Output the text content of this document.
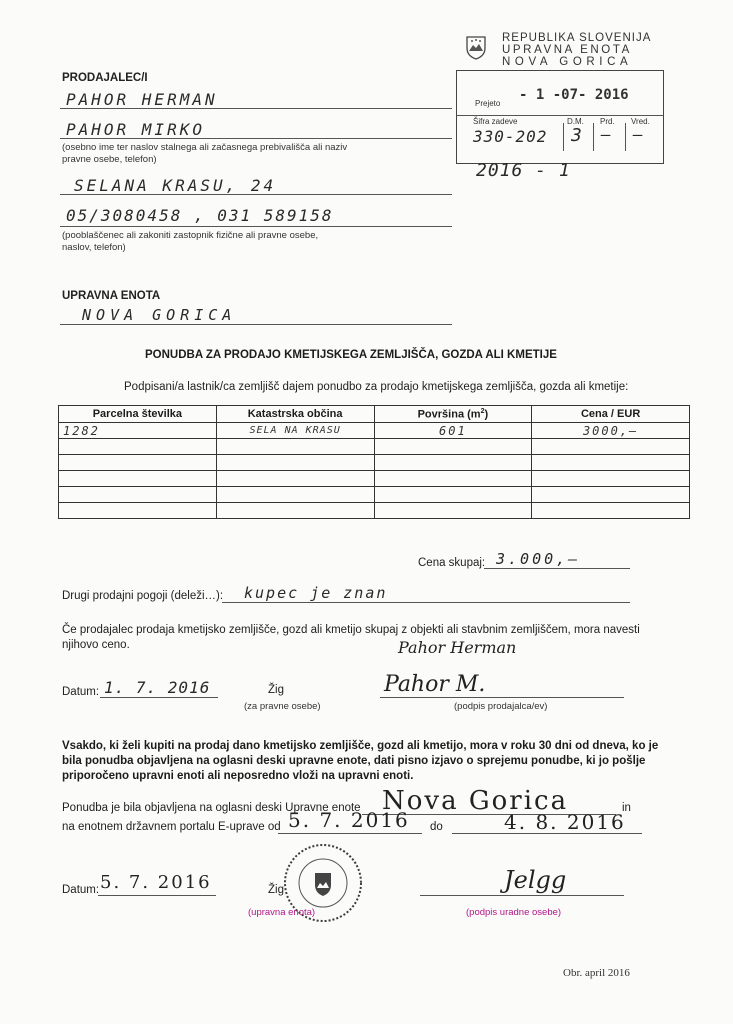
REPUBLIKA SLOVENIJA
UPRAVNA ENOTA
NOVA GORICA
Prejeto
- 1 -07- 2016
Šifra zadeve	D.M. Prd. Vred.
330-202 3 — —
2016 - 1
PRODAJALEC/I
PAHOR HERMAN
PAHOR MIRKO
(osebno ime ter naslov stalnega ali začasnega prebivališča ali naziv pravne osebe, telefon)
SELANA KRASU, 24
05/3080458 , 031 589158
(pooblaščenec ali zakoniti zastopnik fizične ali pravne osebe, naslov, telefon)
UPRAVNA ENOTA
NOVA GORICA
PONUDBA ZA PRODAJO KMETIJSKEGA ZEMLJIŠČA, GOZDA ALI KMETIJE
Podpisani/a lastnik/ca zemljišč dajem ponudbo za prodajo kmetijskega zemljišča, gozda ali kmetije:
Parcelna številka	Katastrska občina	Površina $(m^2)$	Cena / EUR
1282	SELA NA KRASU	601	3000,—

Cena skupaj: 3.000,—
Drugi prodajni pogoji (deleži…): kupec je znan
Če prodajalec prodaja kmetijsko zemljišče, gozd ali kmetijo skupaj z objekti ali stavbnim zemljiščem, mora navesti njihovo ceno.	Pahor Herman
Pahor M.
Datum: 1. 7. 2016	Žig
(za pravne osebe)	(podpis prodajalca/ev)
Vsakdo, ki želi kupiti na prodaj dano kmetijsko zemljišče, gozd ali kmetijo, mora v roku 30 dni od dneva, ko je bila ponudba objavljena na oglasni deski upravne enote, dati pisno izjavo o sprejemu ponudbe, ki jo pošlje priporočeno upravni enoti ali neposredno vloži na upravni enoti.
Ponudba je bila objavljena na oglasni deski Upravne enote Nova Gorica	in
na enotnem državnem portalu E-uprave od 5. 7. 2016 do	4. 8. 2016
Datum: 5. 7. 2016	Žig
(upravna enota)
Jelgg
(podpis uradne osebe)
Obr. april 2016
